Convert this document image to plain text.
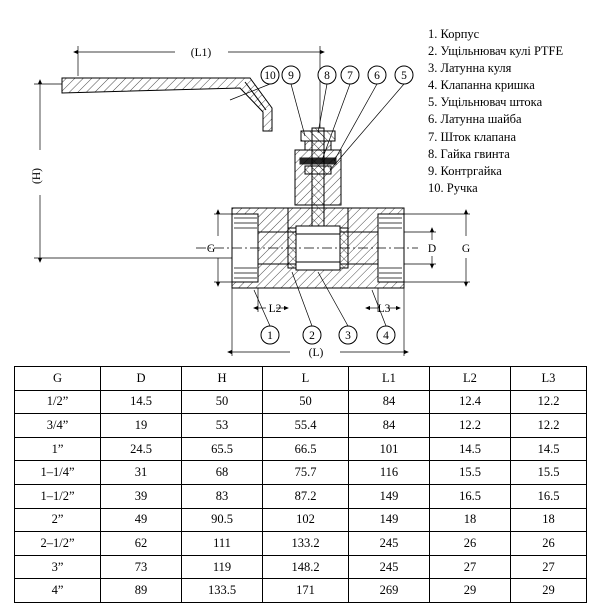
1. Корпус
2. Ущільнювач кулі PTFE
3. Латунна куля
4. Клапанна кришка
5. Ущільнювач штока
6. Латунна шайба
7. Шток клапана
8. Гайка гвинта
9. Контргайка
10. Ручка
10 9	8 7 6 5
1	2	3	4
(L1)
(L)
L2	L3
G	D G
(H)
G	D	H	L	L1	L2	L3
1/2”	14.5	50	50	84	12.4	12.2
3/4”	19	53	55.4	84	12.2	12.2
1”	24.5	65.5	66.5	101	14.5	14.5
1–1/4”	31	68	75.7	116	15.5	15.5
1–1/2”	39	83	87.2	149	16.5	16.5
2”	49	90.5	102	149	18	18
2–1/2”	62	111	133.2	245	26	26
3”	73	119	148.2	245	27	27
4”	89	133.5	171	269	29	29
